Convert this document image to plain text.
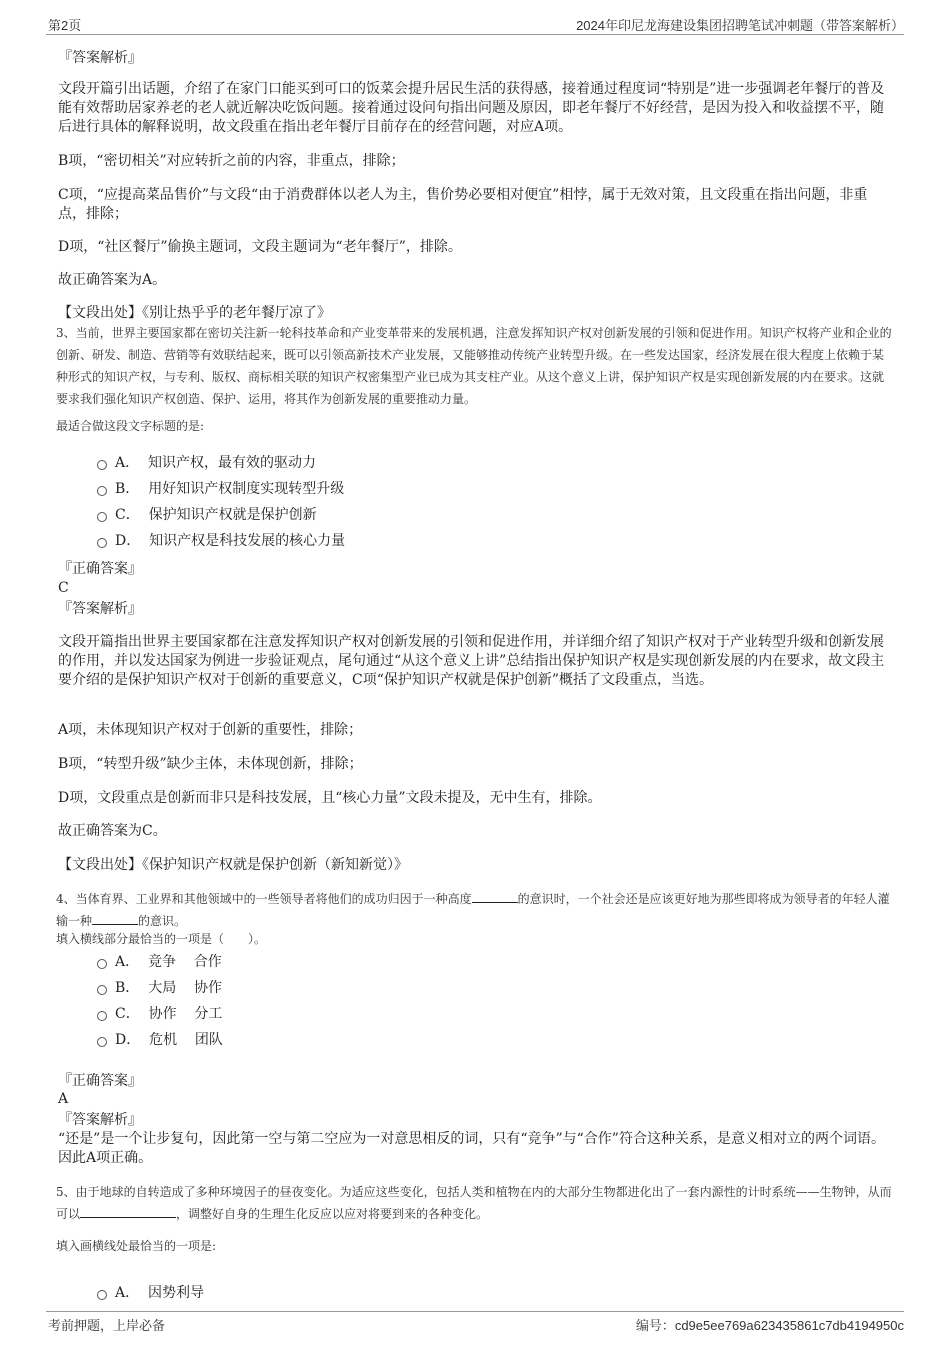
第2页	2024年印尼龙海建设集团招聘笔试冲刺题（带答案解析）

『答案解析』

文段开篇引出话题，介绍了在家门口能买到可口的饭菜会提升居民生活的获得感，接着通过程度词“特别是”进一步强调老年餐厅的普及能有效帮助居家养老的老人就近解决吃饭问题。接着通过设问句指出问题及原因，即老年餐厅不好经营，是因为投入和收益摆不平，随后进行具体的解释说明，故文段重在指出老年餐厅目前存在的经营问题，对应A项。

B项，“密切相关”对应转折之前的内容，非重点，排除；

C项，“应提高菜品售价”与文段“由于消费群体以老人为主，售价势必要相对便宜”相悖，属于无效对策，且文段重在指出问题，非重点，排除；

D项，“社区餐厅”偷换主题词，文段主题词为“老年餐厅”，排除。

故正确答案为A。

【文段出处】《别让热乎乎的老年餐厅凉了》

3、当前，世界主要国家都在密切关注新一轮科技革命和产业变革带来的发展机遇，注意发挥知识产权对创新发展的引领和促进作用。知识产权将产业和企业的创新、研发、制造、营销等有效联结起来，既可以引领高新技术产业发展，又能够推动传统产业转型升级。在一些发达国家，经济发展在很大程度上依赖于某种形式的知识产权，与专利、版权、商标相关联的知识产权密集型产业已成为其支柱产业。从这个意义上讲，保护知识产权是实现创新发展的内在要求。这就要求我们强化知识产权创造、保护、运用，将其作为创新发展的重要推动力量。

最适合做这段文字标题的是:

A．  知识产权，最有效的驱动力
B．  用好知识产权制度实现转型升级
C．  保护知识产权就是保护创新
D．  知识产权是科技发展的核心力量

『正确答案』

C

『答案解析』

文段开篇指出世界主要国家都在注意发挥知识产权对创新发展的引领和促进作用，并详细介绍了知识产权对于产业转型升级和创新发展的作用，并以发达国家为例进一步验证观点，尾句通过“从这个意义上讲”总结指出保护知识产权是实现创新发展的内在要求，故文段主要介绍的是保护知识产权对于创新的重要意义，C项“保护知识产权就是保护创新”概括了文段重点，当选。

A项，未体现知识产权对于创新的重要性，排除；

B项，“转型升级”缺少主体，未体现创新，排除；

D项，文段重点是创新而非只是科技发展，且“核心力量”文段未提及，无中生有，排除。

故正确答案为C。

【文段出处】《保护知识产权就是保护创新（新知新觉）》

4、当体育界、工业界和其他领域中的一些领导者将他们的成功归因于一种高度	的意识时，一个社会还是应该更好地为那些即将成为领导者的年轻人灌输一种	的意识。

填入横线部分最恰当的一项是（　　）。

A．  竞争    合作
B．  大局    协作
C．  协作    分工
D．  危机    团队

『正确答案』

A

『答案解析』

“还是”是一个让步复句，因此第一空与第二空应为一对意思相反的词，只有“竞争”与“合作”符合这种关系，是意义相对立的两个词语。因此A项正确。

5、由于地球的自转造成了多种环境因子的昼夜变化。为适应这些变化，包括人类和植物在内的大部分生物都进化出了一套内源性的计时系统——生物钟，从而可以	，调整好自身的生理生化反应以应对将要到来的各种变化。

填入画横线处最恰当的一项是:

A．  因势利导
考前押题，上岸必备	编号：cd9e5ee769a623435861c7db4194950c
